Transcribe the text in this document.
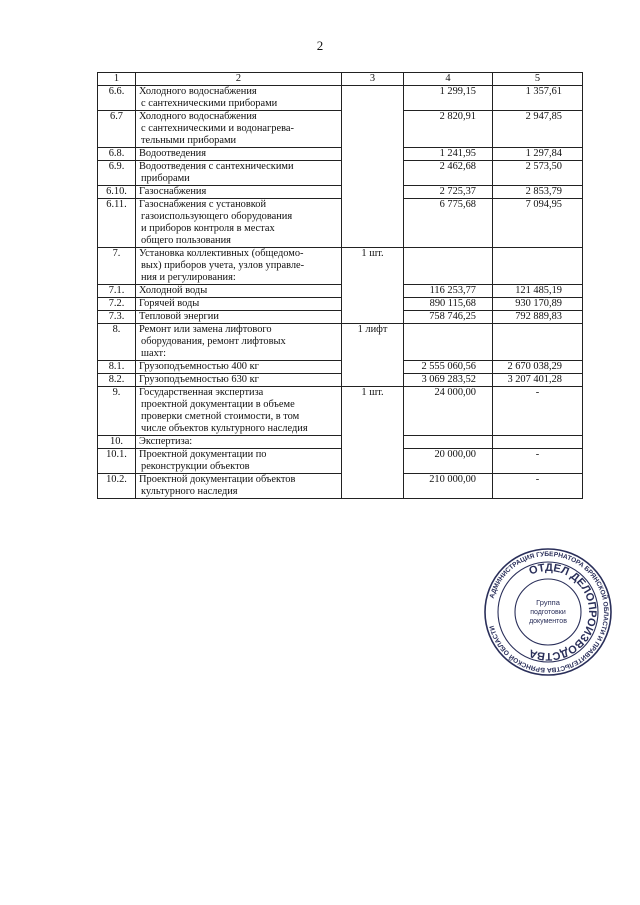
2
1	2	3	4	5
6.6.	Холодного водоснабжения
с сантехническими приборами		1 299,15	1 357,61
6.7	Холодного водоснабжения
с сантехническими и водонагрева-
тельными приборами		2 820,91	2 947,85
6.8.	Водоотведения		1 241,95	1 297,84
6.9.	Водоотведения с сантехническими
приборами		2 462,68	2 573,50
6.10.	Газоснабжения		2 725,37	2 853,79
6.11.	Газоснабжения с установкой
газоиспользующего оборудования
и приборов контроля в местах
общего пользования		6 775,68	7 094,95
7.	Установка коллективных (общедомо-
вых) приборов учета, узлов управле-
ния и регулирования:	1 шт.		
7.1.	Холодной воды		116 253,77	121 485,19
7.2.	Горячей воды		890 115,68	930 170,89
7.3.	Тепловой энергии		758 746,25	792 889,83
8.	Ремонт или замена лифтового
оборудования, ремонт лифтовых
шахт:	1 лифт		
8.1.	Грузоподъемностью 400 кг		2 555 060,56	2 670 038,29
8.2.	Грузоподъемностью 630 кг		3 069 283,52	3 207 401,28
9.	Государственная экспертиза
проектной документации в объеме
проверки сметной стоимости, в том
числе объектов культурного наследия	1 шт.	24 000,00	-
10.	Экспертиза:			

10.1.	Проектной документации по
реконструкции объектов		20 000,00	-
10.2.	Проектной документации объектов
культурного наследия		210 000,00	-
АДМИНИСТРАЦИЯ ГУБЕРНАТОРА БРЯНСКОЙ ОБЛАСТИ И ПРАВИТЕЛЬСТВА БРЯНСКОЙ ОБЛАСТИ
ОТДЕЛ ДЕЛОПРОИЗВОДСТВА
Группа
подготовки
документов
